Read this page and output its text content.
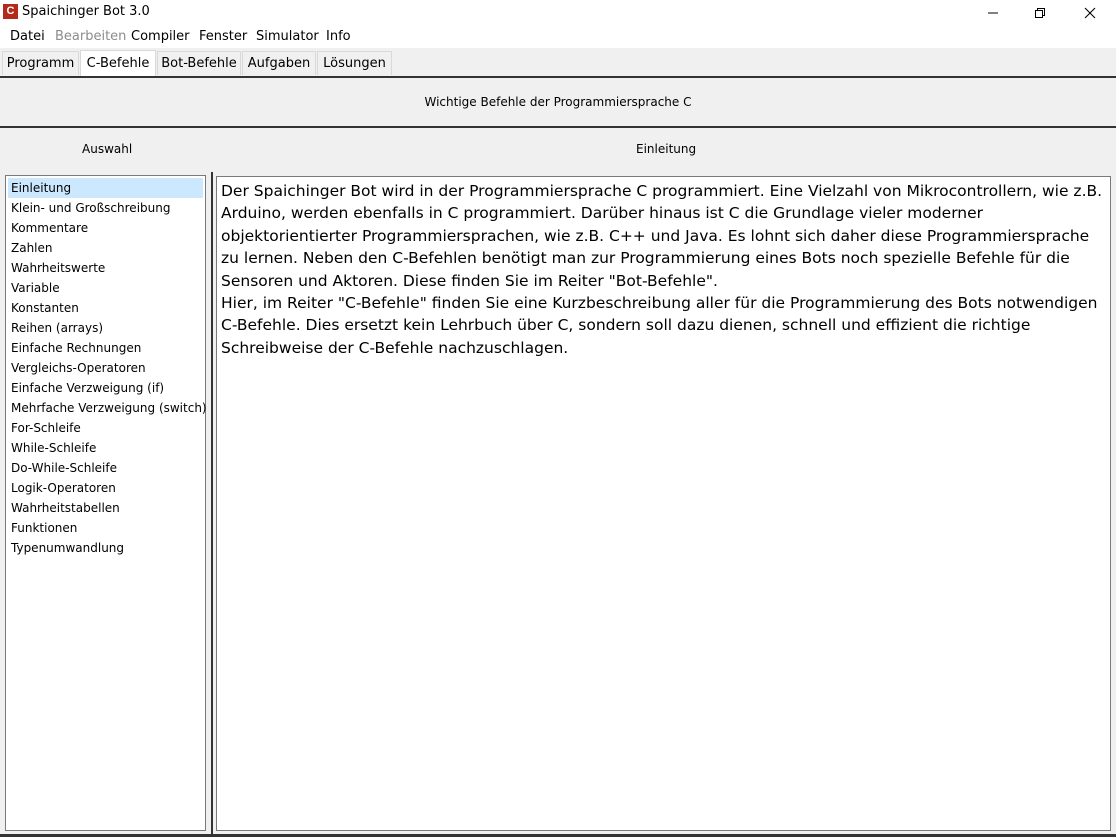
C Spaichinger Bot 3.0
Datei Bearbeiten Compiler Fenster Simulator Info
Programm C-Befehle Bot-Befehle Aufgaben Lösungen
Wichtige Befehle der Programmiersprache C
Auswahl	Einleitung
Einleitung
Klein- und Großschreibung
Kommentare
Zahlen
Wahrheitswerte
Variable
Konstanten
Reihen (arrays)
Einfache Rechnungen
Vergleichs-Operatoren
Einfache Verzweigung (if)
Mehrfache Verzweigung (switch)
For-Schleife
While-Schleife
Do-While-Schleife
Logik-Operatoren
Wahrheitstabellen
Funktionen
Typenumwandlung

Der Spaichinger Bot wird in der Programmiersprache C programmiert. Eine Vielzahl von Mikrocontrollern, wie z.B. Arduino, werden ebenfalls in C programmiert. Darüber hinaus ist C die Grundlage vieler moderner objektorientierter Programmiersprachen, wie z.B. C++ und Java. Es lohnt sich daher diese Programmiersprache zu lernen. Neben den C-Befehlen benötigt man zur Programmierung eines Bots noch spezielle Befehle für die Sensoren und Aktoren. Diese finden Sie im Reiter "Bot-Befehle".

Hier, im Reiter "C-Befehle" finden Sie eine Kurzbeschreibung aller für die Programmierung des Bots notwendigen C-Befehle. Dies ersetzt kein Lehrbuch über C, sondern soll dazu dienen, schnell und effizient die richtige Schreibweise der C-Befehle nachzuschlagen.
